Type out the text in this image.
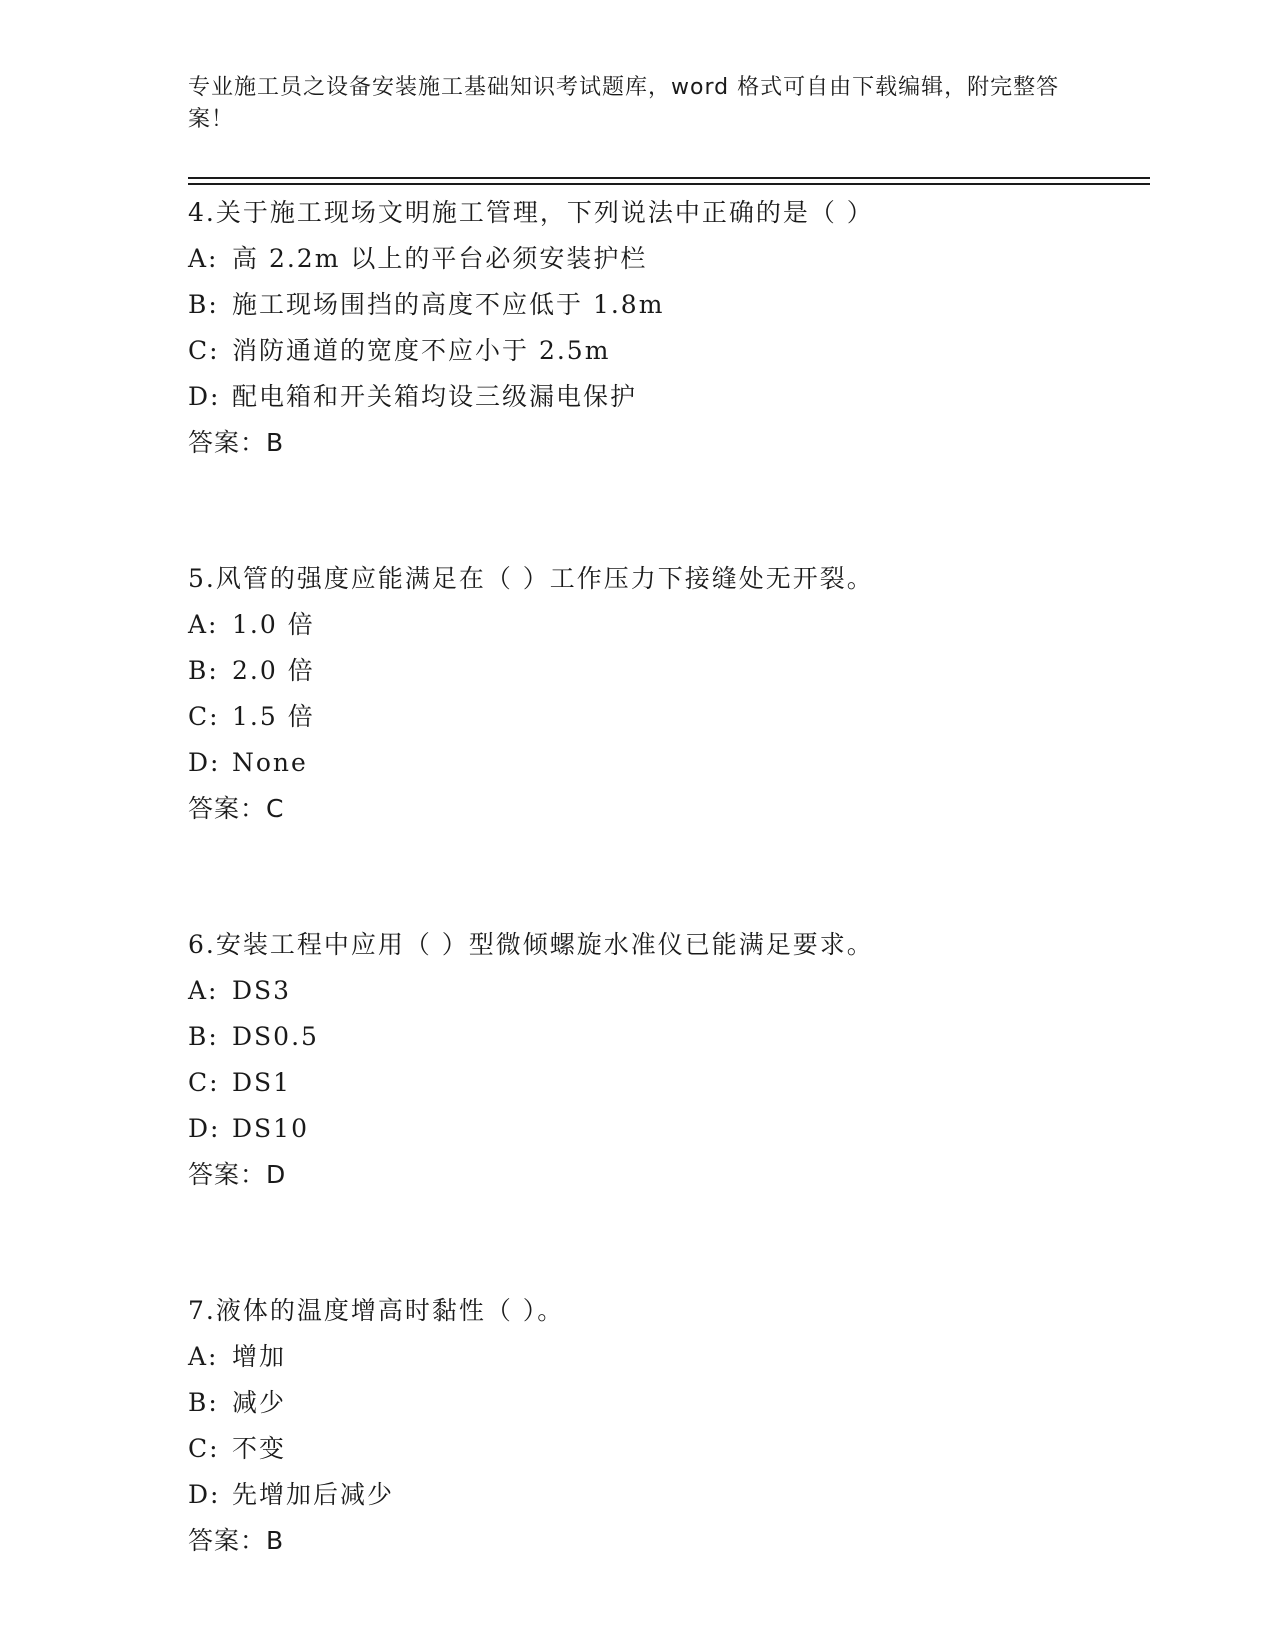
专业施工员之设备安装施工基础知识考试题库，word 格式可自由下载编辑，附完整答案！
4.关于施工现场文明施工管理，下列说法中正确的是（ ）
A: 高 2.2m 以上的平台必须安装护栏
B: 施工现场围挡的高度不应低于 1.8m
C: 消防通道的宽度不应小于 2.5m
D: 配电箱和开关箱均设三级漏电保护
答案：B
5.风管的强度应能满足在（ ）工作压力下接缝处无开裂。
A: 1.0 倍
B: 2.0 倍
C: 1.5 倍
D: None
答案：C
6.安装工程中应用（ ）型微倾螺旋水准仪已能满足要求。
A: DS3
B: DS0.5
C: DS1
D: DS10
答案：D
7.液体的温度增高时黏性（ ）。
A: 增加
B: 减少
C: 不变
D: 先增加后减少
答案：B
